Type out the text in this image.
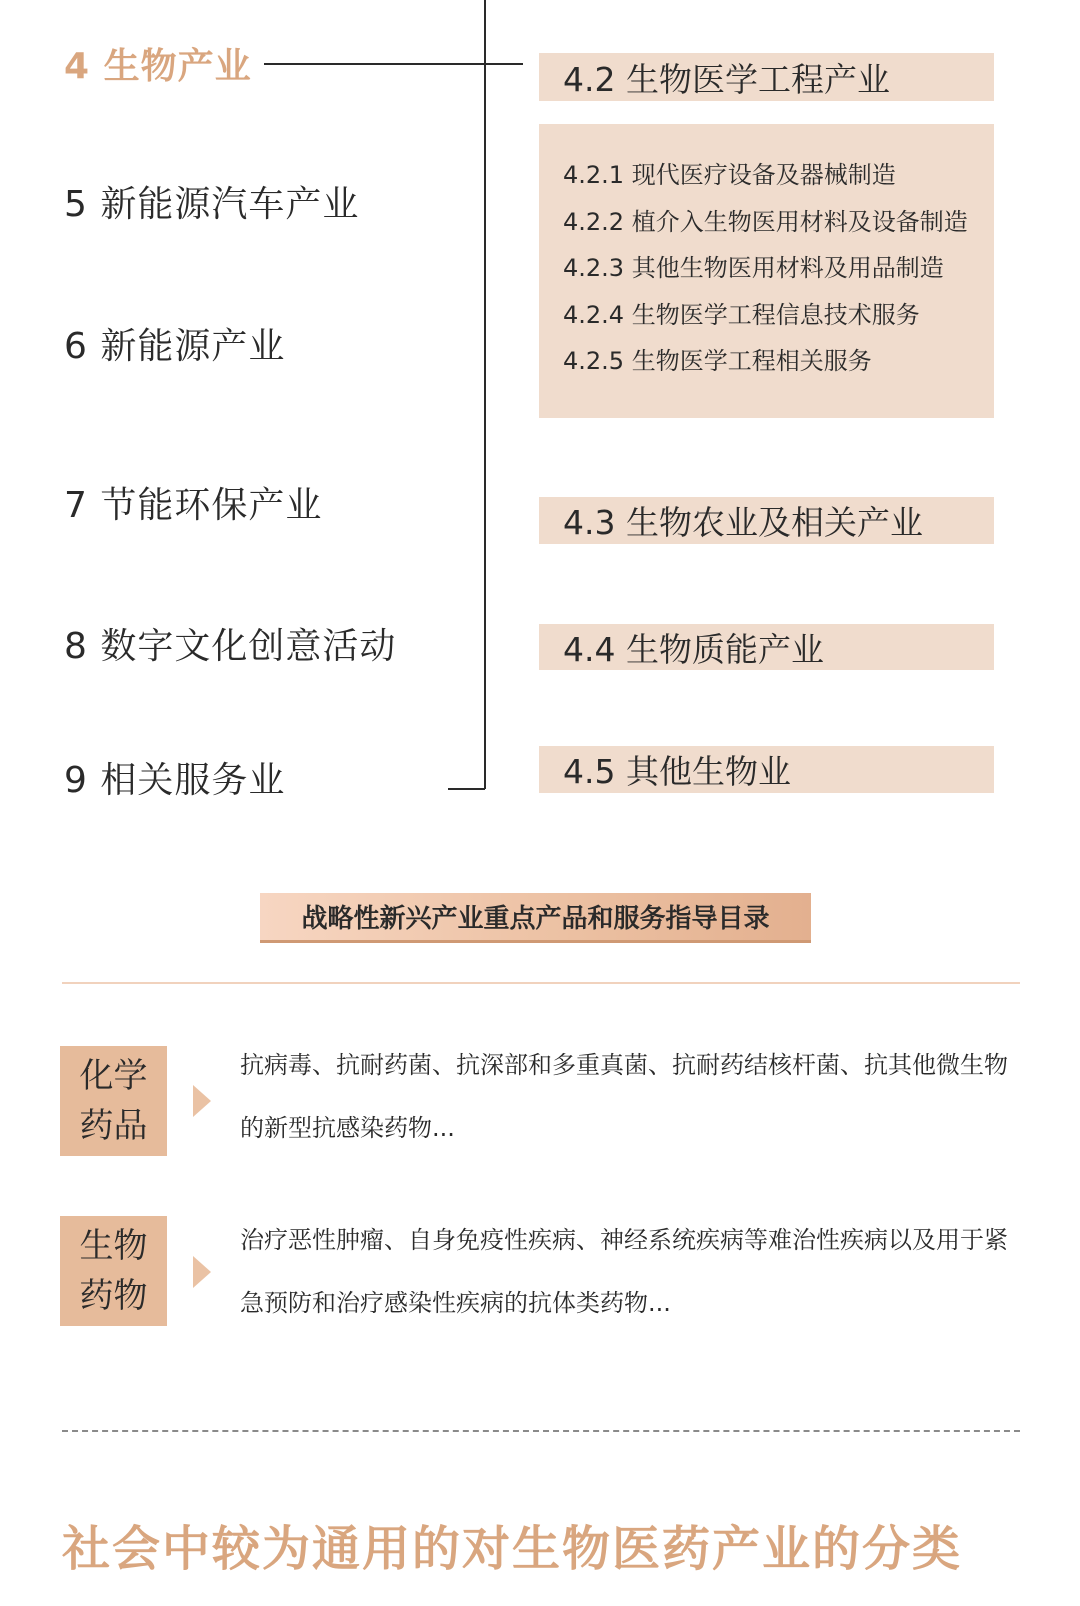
4 生物产业
5 新能源汽车产业
6 新能源产业
7 节能环保产业
8 数字文化创意活动
9 相关服务业
4.2 生物医学工程产业
4.2.1 现代医疗设备及器械制造
4.2.2 植介入生物医用材料及设备制造
4.2.3 其他生物医用材料及用品制造
4.2.4 生物医学工程信息技术服务
4.2.5 生物医学工程相关服务
4.3 生物农业及相关产业
4.4 生物质能产业
4.5 其他生物业
战略性新兴产业重点产品和服务指导目录
化学
药品
抗病毒、抗耐药菌、抗深部和多重真菌、抗耐药结核杆菌、抗其他微生物的新型抗感染药物...
生物
药物
治疗恶性肿瘤、自身免疫性疾病、神经系统疾病等难治性疾病以及用于紧急预防和治疗感染性疾病的抗体类药物...
社会中较为通用的对生物医药产业的分类
